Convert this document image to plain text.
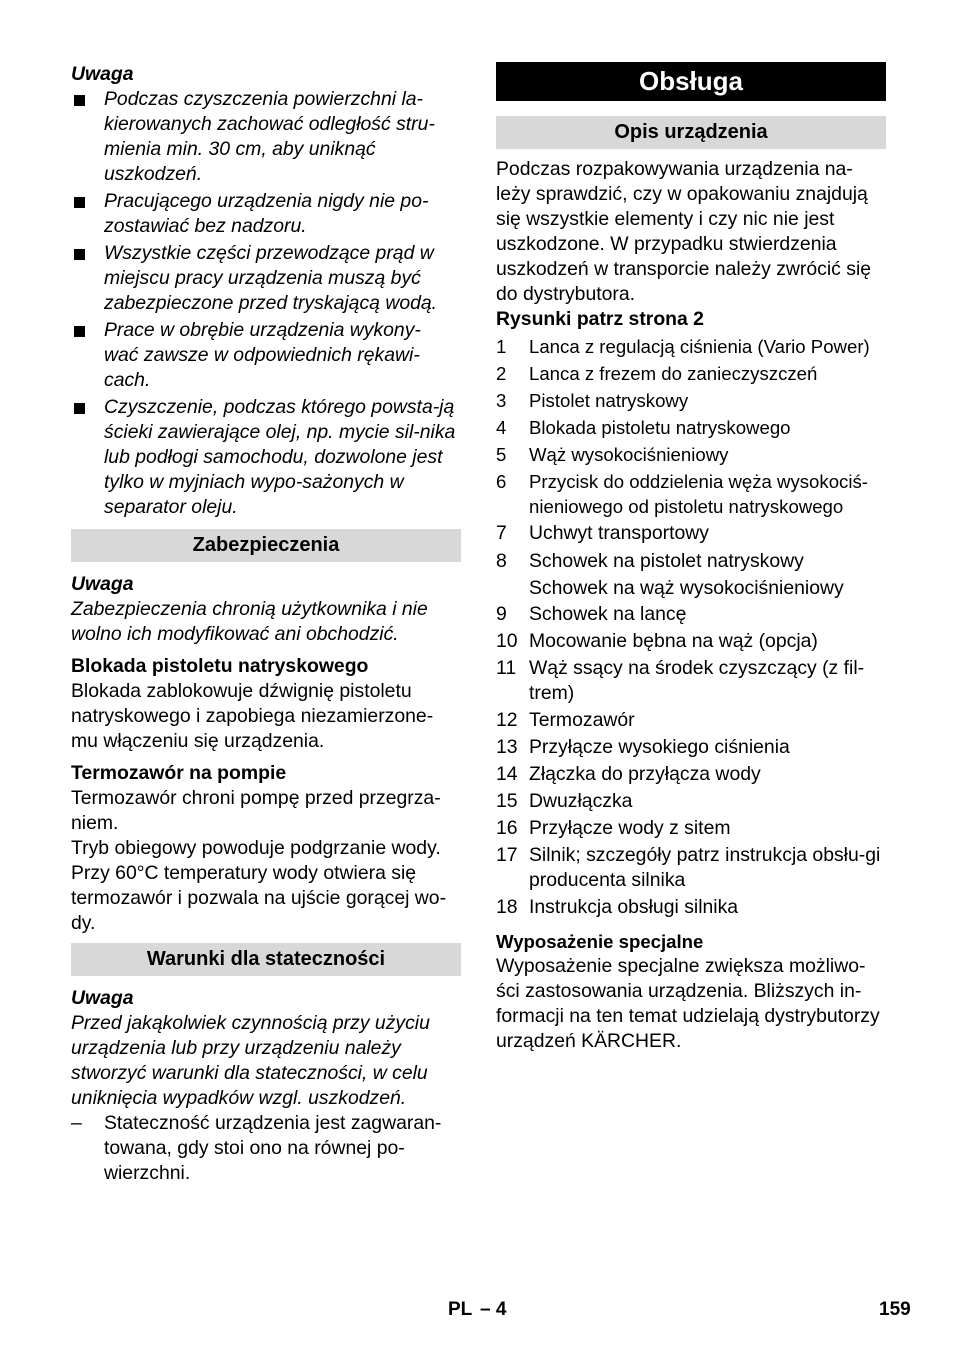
Uwaga

Podczas czyszczenia powierzchni la-kierowanych zachować odległość stru-mienia min. 30 cm, aby uniknąć uszkodzeń.

Pracującego urządzenia nigdy nie po-zostawiać bez nadzoru.

Wszystkie części przewodzące prąd w miejscu pracy urządzenia muszą być zabezpieczone przed tryskającą wodą.

Prace w obrębie urządzenia wykony-wać zawsze w odpowiednich rękawi-cach.

Czyszczenie, podczas którego powsta-ją ścieki zawierające olej, np. mycie sil-nika lub podłogi samochodu, dozwolone jest tylko w myjniach wypo-sażonych w separator oleju.

Zabezpieczenia

Uwaga

Zabezpieczenia chronią użytkownika i nie wolno ich modyfikować ani obchodzić.

Blokada pistoletu natryskowego

Blokada zablokowuje dźwignię pistoletu natryskowego i zapobiega niezamierzone-mu włączeniu się urządzenia.

Termozawór na pompie

Termozawór chroni pompę przed przegrza-niem.

Tryb obiegowy powoduje podgrzanie wody. Przy 60°C temperatury wody otwiera się termozawór i pozwala na ujście gorącej wo-dy.

Warunki dla stateczności

Uwaga

Przed jakąkolwiek czynnością przy użyciu urządzenia lub przy urządzeniu należy stworzyć warunki dla stateczności, w celu uniknięcia wypadków wzgl. uszkodzeń.

– Stateczność urządzenia jest zagwaran-towana, gdy stoi ono na równej po-wierzchni.

Obsługa
Opis urządzenia

Podczas rozpakowywania urządzenia na-leży sprawdzić, czy w opakowaniu znajdują się wszystkie elementy i czy nic nie jest uszkodzone. W przypadku stwierdzenia uszkodzeń w transporcie należy zwrócić się do dystrybutora.

Rysunki patrz strona 2

1 Lanca z regulacją ciśnienia (Vario Power)

2 Lanca z frezem do zanieczyszczeń

3 Pistolet natryskowy

4 Blokada pistoletu natryskowego

5 Wąż wysokociśnieniowy

6 Przycisk do oddzielenia węża wysokociś-nieniowego od pistoletu natryskowego

7 Uchwyt transportowy

8 Schowek na pistolet natryskowy Schowek na wąż wysokociśnieniowy

9 Schowek na lancę

10 Mocowanie bębna na wąż (opcja)

11 Wąż ssący na środek czyszczący (z fil-trem)

12 Termozawór

13 Przyłącze wysokiego ciśnienia

14 Złączka do przyłącza wody

15 Dwuzłączka

16 Przyłącze wody z sitem

17 Silnik; szczegóły patrz instrukcja obsłu-gi producenta silnika

18 Instrukcja obsługi silnika

Wyposażenie specjalne

Wyposażenie specjalne zwiększa możliwo-ści zastosowania urządzenia. Bliższych in-formacji na ten temat udzielają dystrybutorzy urządzeń KÄRCHER.

PL – 4	159
